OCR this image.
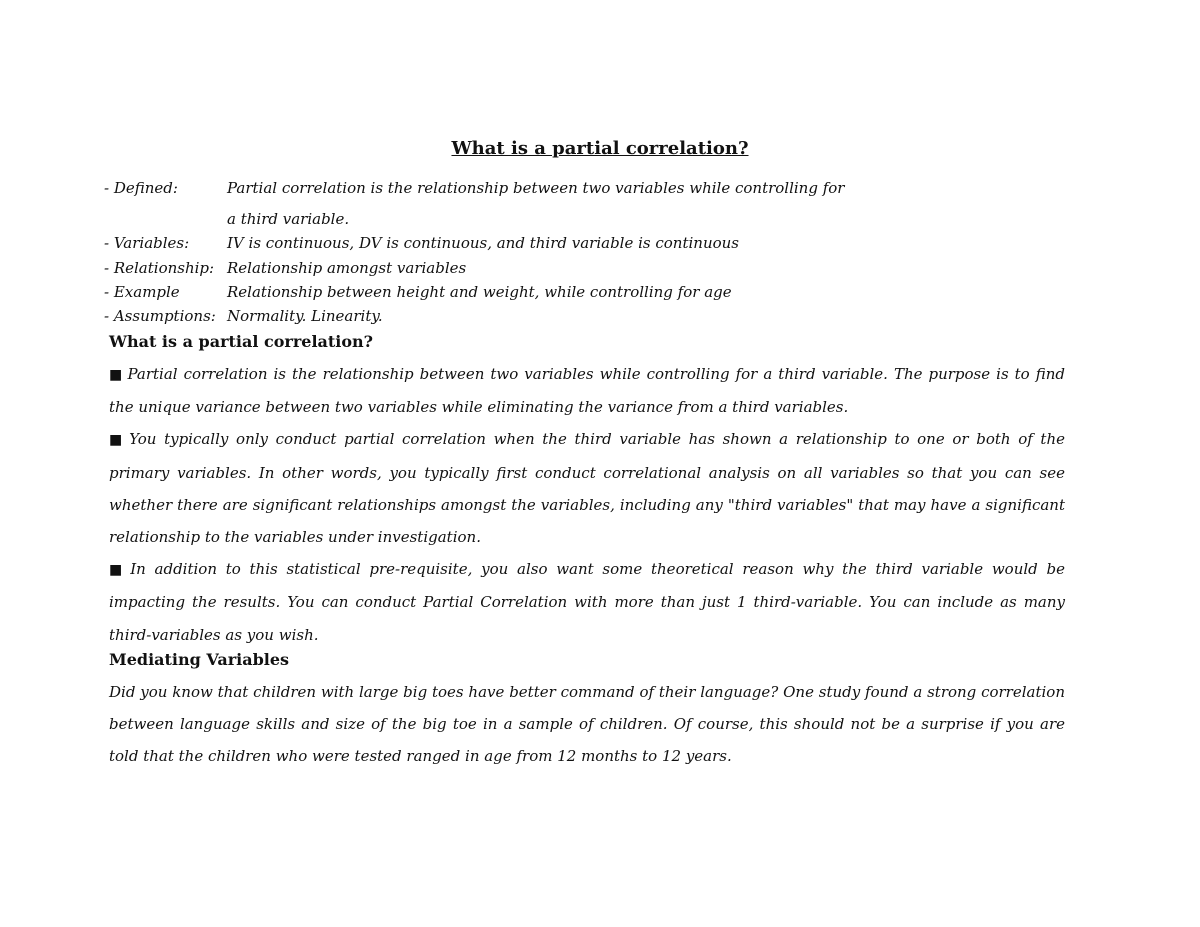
What is a partial correlation?
- Defined:	Partial correlation is the relationship between two variables while controlling for
a third variable.
- Variables:	IV is continuous, DV is continuous, and third variable is continuous
- Relationship: Relationship amongst variables
- Example	Relationship between height and weight, while controlling for age
- Assumptions: Normality. Linearity.
What is a partial correlation?
■ Partial correlation is the relationship between two variables while controlling for a third variable. The purpose is to find the unique variance between two variables while eliminating the variance from a third variables.
■ You typically only conduct partial correlation when the third variable has shown a relationship to one or both of the primary variables. In other words, you typically first conduct correlational analysis on all variables so that you can see whether there are significant relationships amongst the variables, including any "third variables" that may have a significant relationship to the variables under investigation.
■ In addition to this statistical pre-requisite, you also want some theoretical reason why the third variable would be impacting the results. You can conduct Partial Correlation with more than just 1 third-variable. You can include as many third-variables as you wish.
Mediating Variables
Did you know that children with large big toes have better command of their language? One study found a strong correlation between language skills and size of the big toe in a sample of children. Of course, this should not be a surprise if you are told that the children who were tested ranged in age from 12 months to 12 years.
